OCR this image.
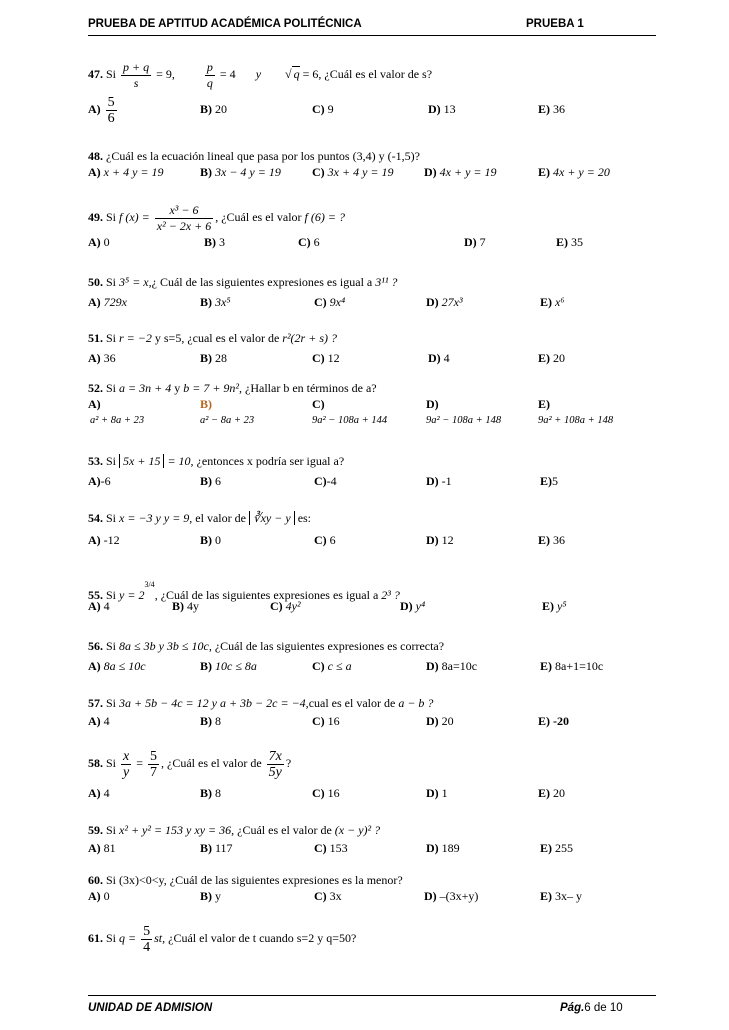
PRUEBA DE APTITUD ACADÉMICA POLITÉCNICA	PRUEBA 1
47. Si $\frac{p + q}{s} = 9$,	$\frac{p}{q} = 4$ y √ q = 6, ¿Cuál es el valor de s?
$A) \frac{5}{6}$	B) 20	C) 9	D) 13	E) 36
48. ¿Cuál es la ecuación lineal que pasa por los puntos (3,4) y (-1,5)?
A) x + 4 y = 19	B) 3x − 4 y = 19	C) 3x + 4 y = 19	D) 4x + y = 19	E) 4x + y = 20
49. Si f $(x) = \frac{\text{x³ − 6}}{\text{x² − 2x + 6}}$ , ¿Cuál es el valor f (6) = ?
A) 0	B) 3	C) 6	D) 7	E) 35
50. Si 3⁵ = x,¿ Cuál de las siguientes expresiones es igual a 3¹¹ ?
A) 729x	B) 3x⁵	C) 9x⁴	D) 27x³	E) x⁶
51. Si r = −2 y s=5, ¿cual es el valor de r²(2r + s) ?
A) 36	B) 28	C) 12	D) 4	E) 20
52. Si a = 3n + 4 y b = 7 + 9n², ¿Hallar b en términos de a?
A)	B)	C)	D)	E)
a² + 8a + 23	a² − 8a + 23	9a² − 108a + 144	9a² − 108a + 148	9a² + 108a + 148
53. Si 5x + 15 = 10, ¿entonces x podría ser igual a?
A)-6	B) 6	C)-4	D) -1	E)5
54. Si x = −3 y y = 9, el valor de ∛xy − y es:
A) -12	B) 0	C) 6	D) 12	E) 36
55. Si $y = 2^{3/4}$, ¿Cuál de las siguientes expresiones es igual a 2³ ?
A) 4	B) 4y	C) 4y²	D) y⁴	E) y⁵
56. Si 8a ≤ 3b y 3b ≤ 10c, ¿Cuál de las siguientes expresiones es correcta?
A) 8a ≤ 10c	B) 10c ≤ 8a	C) c ≤ a	D) 8a=10c	E) 8a+1=10c
57. Si 3a + 5b − 4c = 12 y a + 3b − 2c = −4,cual es el valor de a − b ?
A) 4	B) 8	C) 16	D) 20	E) -20
58. Si $\frac{x}{y} = \frac{5}{7}$ , ¿Cuál es el valor de $\frac{7x}{5y}$ ?
A) 4	B) 8	C) 16	D) 1	E) 20
59. Si x² + y² = 153 y xy = 36, ¿Cuál es el valor de (x − y)² ?
A) 81	B) 117	C) 153	D) 189	E) 255
60. Si (3x)<0<y, ¿Cuál de las siguientes expresiones es la menor?
A) 0	B) y	C) 3x	D) –(3x+y)	E) 3x– y
61. Si $q = \frac{5}{4}$ st, ¿Cuál el valor de t cuando s=2 y q=50?
UNIDAD DE ADMISION	Pág.6 de 10
